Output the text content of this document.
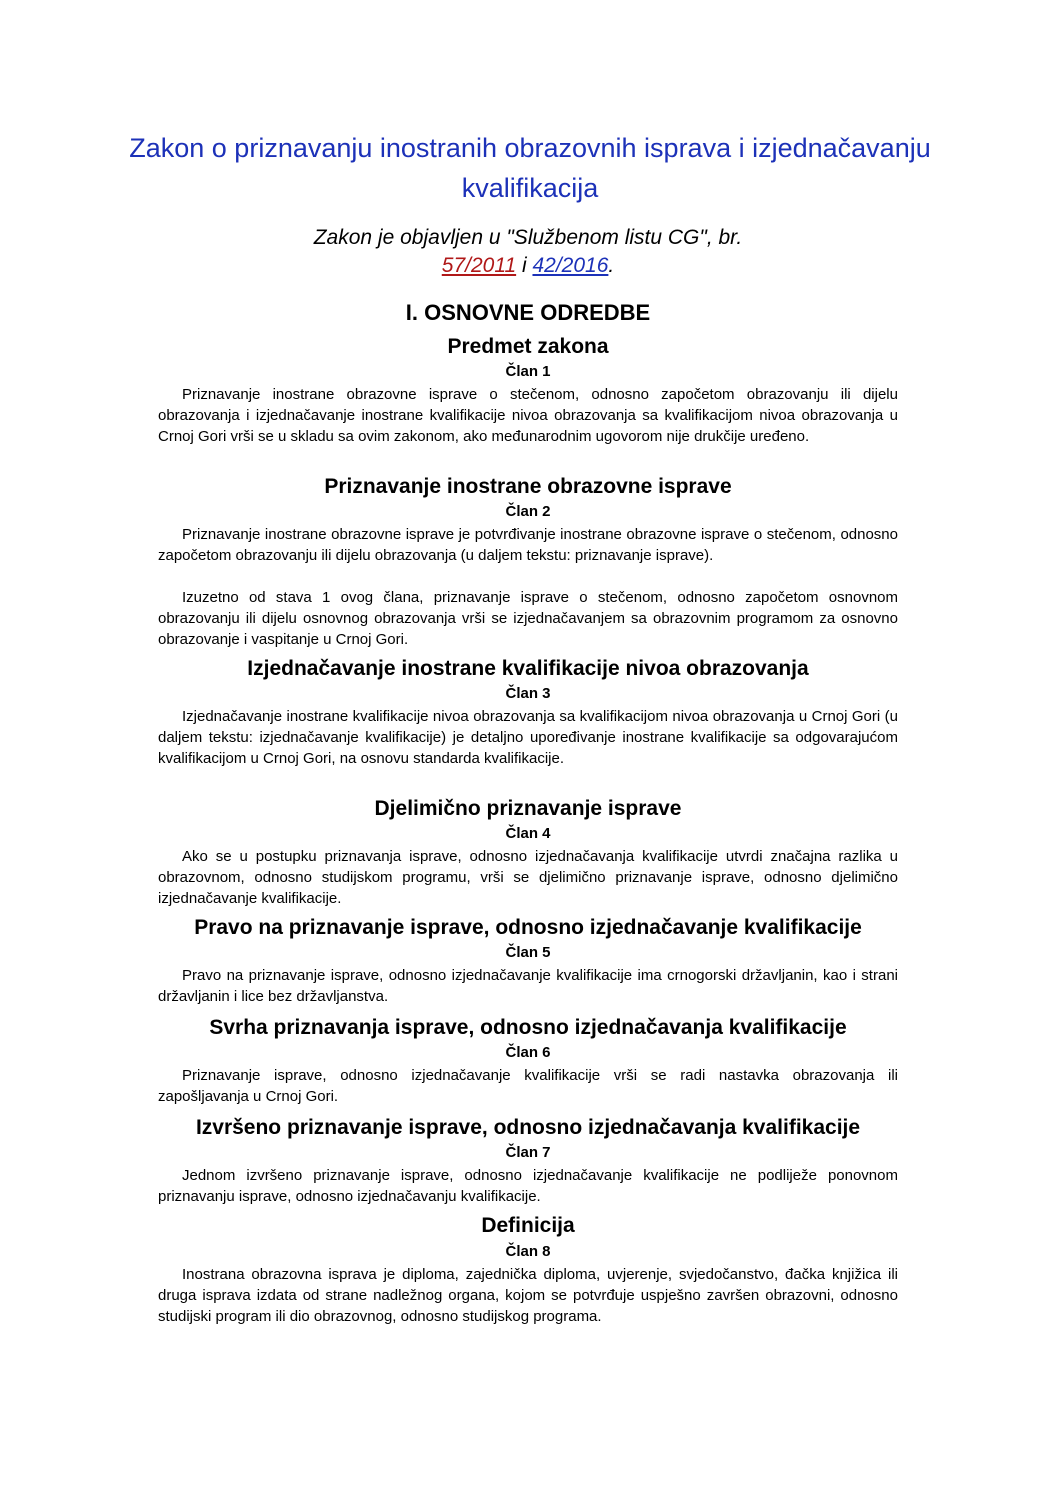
Zakon o priznavanju inostranih obrazovnih isprava i izjednačavanju kvalifikacija

Zakon je objavljen u "Službenom listu CG", br.
57/2011 i 42/2016.

I. OSNOVNE ODREDBE
Predmet zakona
Član 1

Priznavanje inostrane obrazovne isprave o stečenom, odnosno započetom obrazovanju ili dijelu obrazovanja i izjednačavanje inostrane kvalifikacije nivoa obrazovanja sa kvalifikacijom nivoa obrazovanja u Crnoj Gori vrši se u skladu sa ovim zakonom, ako međunarodnim ugovorom nije drukčije uređeno.

Priznavanje inostrane obrazovne isprave
Član 2

Priznavanje inostrane obrazovne isprave je potvrđivanje inostrane obrazovne isprave o stečenom, odnosno započetom obrazovanju ili dijelu obrazovanja (u daljem tekstu: priznavanje isprave).

Izuzetno od stava 1 ovog člana, priznavanje isprave o stečenom, odnosno započetom osnovnom obrazovanju ili dijelu osnovnog obrazovanja vrši se izjednačavanjem sa obrazovnim programom za osnovno obrazovanje i vaspitanje u Crnoj Gori.

Izjednačavanje inostrane kvalifikacije nivoa obrazovanja
Član 3

Izjednačavanje inostrane kvalifikacije nivoa obrazovanja sa kvalifikacijom nivoa obrazovanja u Crnoj Gori (u daljem tekstu: izjednačavanje kvalifikacije) je detaljno upoređivanje inostrane kvalifikacije sa odgovarajućom kvalifikacijom u Crnoj Gori, na osnovu standarda kvalifikacije.

Djelimično priznavanje isprave
Član 4

Ako se u postupku priznavanja isprave, odnosno izjednačavanja kvalifikacije utvrdi značajna razlika u obrazovnom, odnosno studijskom programu, vrši se djelimično priznavanje isprave, odnosno djelimično izjednačavanje kvalifikacije.

Pravo na priznavanje isprave, odnosno izjednačavanje kvalifikacije
Član 5

Pravo na priznavanje isprave, odnosno izjednačavanje kvalifikacije ima crnogorski državljanin, kao i strani državljanin i lice bez državljanstva.

Svrha priznavanja isprave, odnosno izjednačavanja kvalifikacije
Član 6

Priznavanje isprave, odnosno izjednačavanje kvalifikacije vrši se radi nastavka obrazovanja ili zapošljavanja u Crnoj Gori.

Izvršeno priznavanje isprave, odnosno izjednačavanja kvalifikacije
Član 7

Jednom izvršeno priznavanje isprave, odnosno izjednačavanje kvalifikacije ne podliježe ponovnom priznavanju isprave, odnosno izjednačavanju kvalifikacije.

Definicija
Član 8

Inostrana obrazovna isprava je diploma, zajednička diploma, uvjerenje, svjedočanstvo, đačka knjižica ili druga isprava izdata od strane nadležnog organa, kojom se potvrđuje uspješno završen obrazovni, odnosno studijski program ili dio obrazovnog, odnosno studijskog programa.
